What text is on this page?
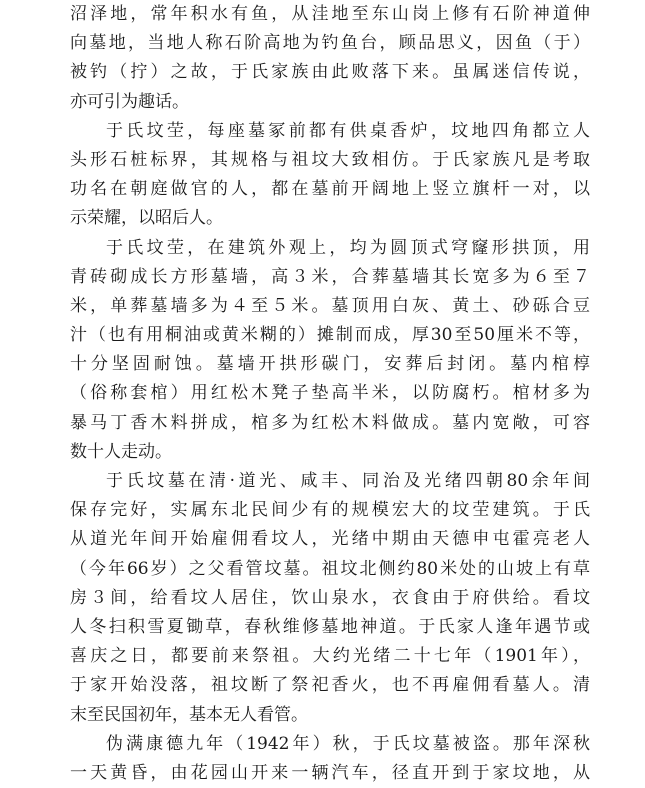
沼泽地，常年积水有鱼，从洼地至东山岗上修有石阶神道伸
向墓地，当地人称石阶高地为钓鱼台，顾品思义，因鱼（于）
被钓（拧）之故，于氏家族由此败落下来。虽属迷信传说，
亦可引为趣话。
于氏坟茔，每座墓冢前都有供桌香炉，坟地四角都立人
头形石桩标界，其规格与祖坟大致相仿。于氏家族凡是考取
功名在朝庭做官的人，都在墓前开阔地上竖立旗杆一对，以
示荣耀，以昭后人。
于氏坟茔，在建筑外观上，均为圆顶式穹窿形拱顶，用
青砖砌成长方形墓墙，高３米，合葬墓墙其长宽多为６至７
米，单葬墓墙多为４至５米。墓顶用白灰、黄土、砂砾合豆
汁（也有用桐油或黄米糊的）摊制而成，厚30至50厘米不等，
十分坚固耐蚀。墓墙开拱形碳门，安葬后封闭。墓内棺椁
（俗称套棺）用红松木凳子垫高半米，以防腐朽。棺材多为
暴马丁香木料拼成，棺多为红松木料做成。墓内宽敞，可容
数十人走动。
于氏坟墓在清·道光、咸丰、同治及光绪四朝80余年间
保存完好，实属东北民间少有的规模宏大的坟茔建筑。于氏
从道光年间开始雇佣看坟人，光绪中期由天德申屯霍亮老人
（今年66岁）之父看管坟墓。祖坟北侧约80米处的山坡上有草
房３间，给看坟人居住，饮山泉水，衣食由于府供给。看坟
人冬扫积雪夏锄草，春秋维修墓地神道。于氏家人逢年遇节或
喜庆之日，都要前来祭祖。大约光绪二十七年（1901年），
于家开始没落，祖坟断了祭祀香火，也不再雇佣看墓人。清
末至民国初年，基本无人看管。
伪满康德九年（1942年）秋，于氏坟墓被盗。那年深秋
一天黄昏，由花园山开来一辆汽车，径直开到于家坟地，从
